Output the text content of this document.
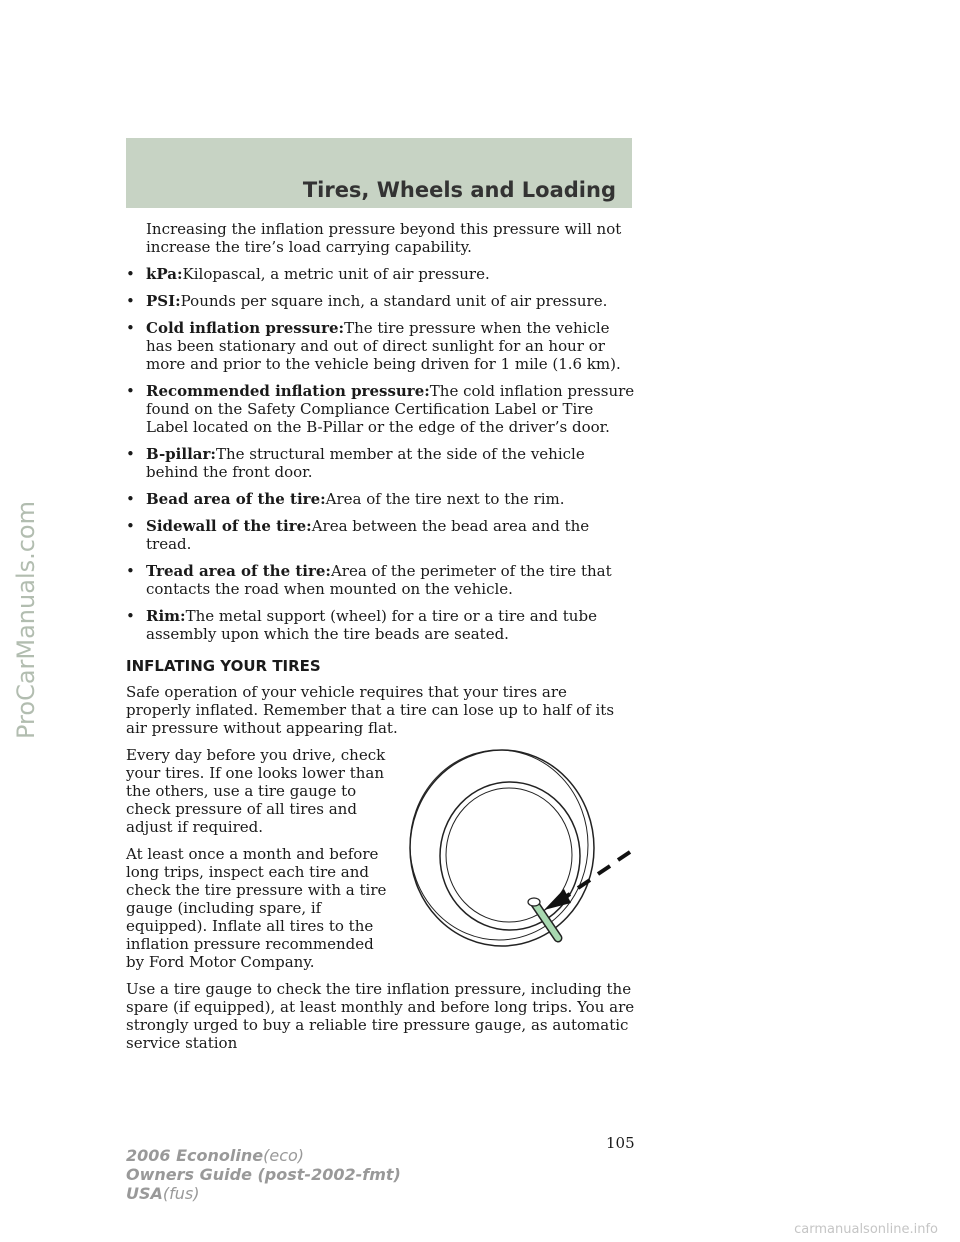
Tires, Wheels and Loading
ProCarManuals.com

Increasing the inflation pressure beyond this pressure will not increase the tire’s load carrying capability.

• kPa:Kilopascal, a metric unit of air pressure.
• PSI:Pounds per square inch, a standard unit of air pressure.
• Cold inflation pressure:The tire pressure when the vehicle has been stationary and out of direct sunlight for an hour or more and prior to the vehicle being driven for 1 mile (1.6 km).
• Recommended inflation pressure:The cold inflation pressure found on the Safety Compliance Certification Label or Tire Label located on the B-Pillar or the edge of the driver’s door.
• B-pillar:The structural member at the side of the vehicle behind the front door.
• Bead area of the tire:Area of the tire next to the rim.
• Sidewall of the tire:Area between the bead area and the tread.
• Tread area of the tire:Area of the perimeter of the tire that contacts the road when mounted on the vehicle.
• Rim:The metal support (wheel) for a tire or a tire and tube assembly upon which the tire beads are seated.
INFLATING YOUR TIRES

Safe operation of your vehicle requires that your tires are properly inflated. Remember that a tire can lose up to half of its air pressure without appearing flat.

Every day before you drive, check your tires. If one looks lower than the others, use a tire gauge to check pressure of all tires and adjust if required.

At least once a month and before long trips, inspect each tire and check the tire pressure with a tire gauge (including spare, if equipped). Inflate all tires to the inflation pressure recommended by Ford Motor Company.

Use a tire gauge to check the tire inflation pressure, including the spare (if equipped), at least monthly and before long trips. You are strongly urged to buy a reliable tire pressure gauge, as automatic service station

105
2006 Econoline(eco)
Owners Guide (post-2002-fmt)
USA(fus)
carmanualsonline.info
